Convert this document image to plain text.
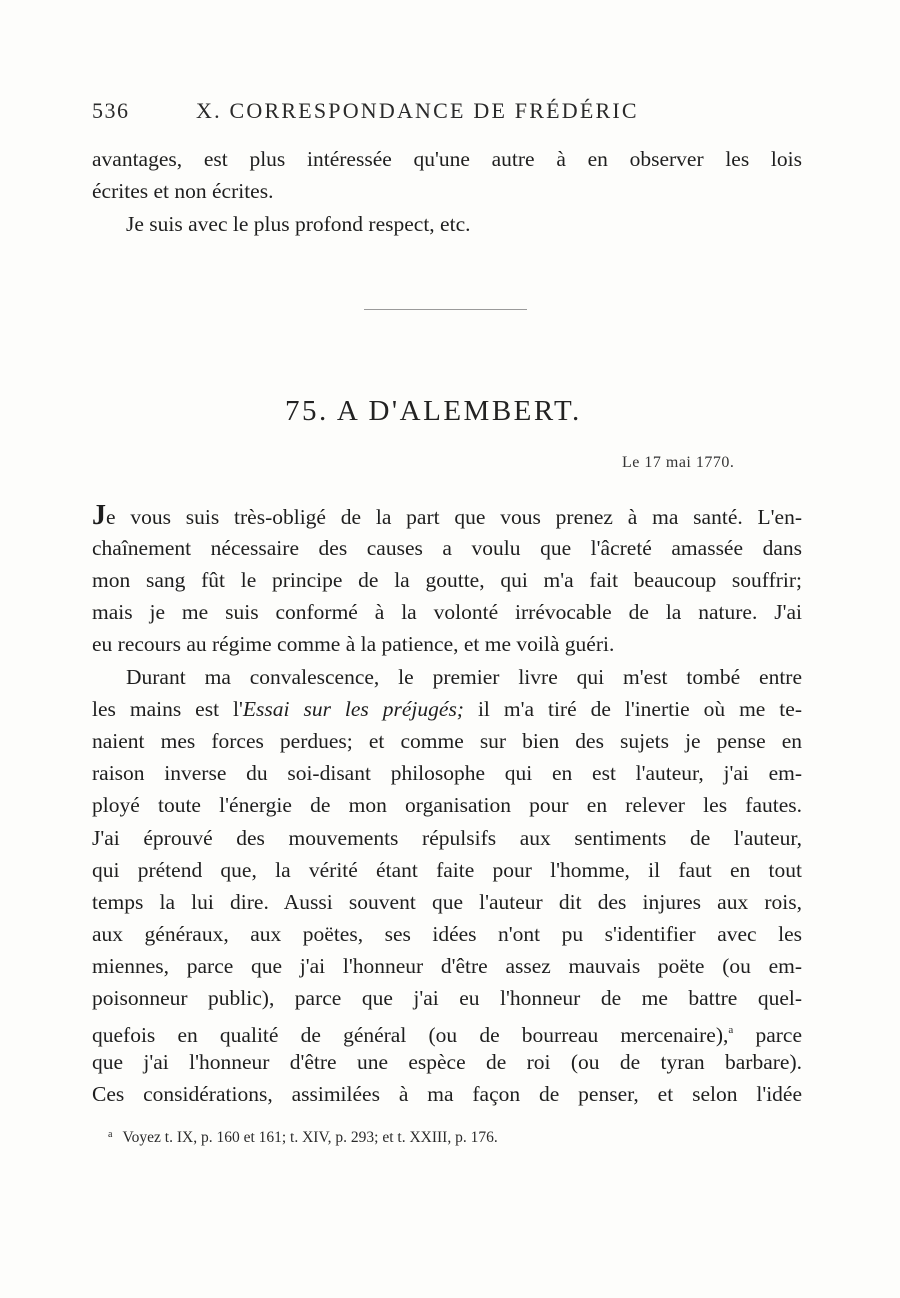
536	X. CORRESPONDANCE DE FRÉDÉRIC
avantages, est plus intéressée qu'une autre à en observer les lois
écrites et non écrites.
Je suis avec le plus profond respect, etc.
75. A D'ALEMBERT.
Le 17 mai 1770.
Je vous suis très-obligé de la part que vous prenez à ma santé. L'en-
chaînement nécessaire des causes a voulu que l'âcreté amassée dans
mon sang fût le principe de la goutte, qui m'a fait beaucoup souffrir;
mais je me suis conformé à la volonté irrévocable de la nature. J'ai
eu recours au régime comme à la patience, et me voilà guéri.
Durant ma convalescence, le premier livre qui m'est tombé entre
les mains est l'Essai sur les préjugés; il m'a tiré de l'inertie où me te-
naient mes forces perdues; et comme sur bien des sujets je pense en
raison inverse du soi-disant philosophe qui en est l'auteur, j'ai em-
ployé toute l'énergie de mon organisation pour en relever les fautes.
J'ai éprouvé des mouvements répulsifs aux sentiments de l'auteur,
qui prétend que, la vérité étant faite pour l'homme, il faut en tout
temps la lui dire. Aussi souvent que l'auteur dit des injures aux rois,
aux généraux, aux poëtes, ses idées n'ont pu s'identifier avec les
miennes, parce que j'ai l'honneur d'être assez mauvais poëte (ou em-
poisonneur public), parce que j'ai eu l'honneur de me battre quel-
quefois en qualité de général (ou de bourreau mercenaire),$^a$ parce
que j'ai l'honneur d'être une espèce de roi (ou de tyran barbare).
Ces considérations, assimilées à ma façon de penser, et selon l'idée
$^a$ Voyez t. IX, p. 160 et 161; t. XIV, p. 293; et t. XXIII, p. 176.
